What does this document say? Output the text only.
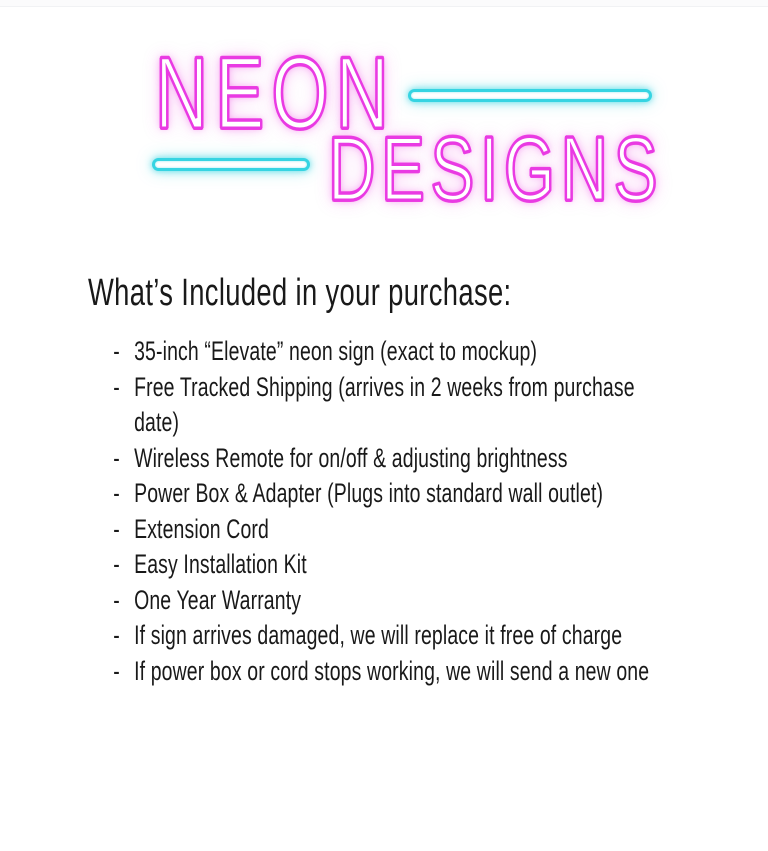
NEON
DESIGNS
What’s Included in your purchase:
- 35-inch “Elevate” neon sign (exact to mockup)
- Free Tracked Shipping (arrives in 2 weeks from purchase date)
- Wireless Remote for on/off & adjusting brightness
- Power Box & Adapter (Plugs into standard wall outlet)
- Extension Cord
- Easy Installation Kit
- One Year Warranty
- If sign arrives damaged, we will replace it free of charge
- If power box or cord stops working, we will send a new one
